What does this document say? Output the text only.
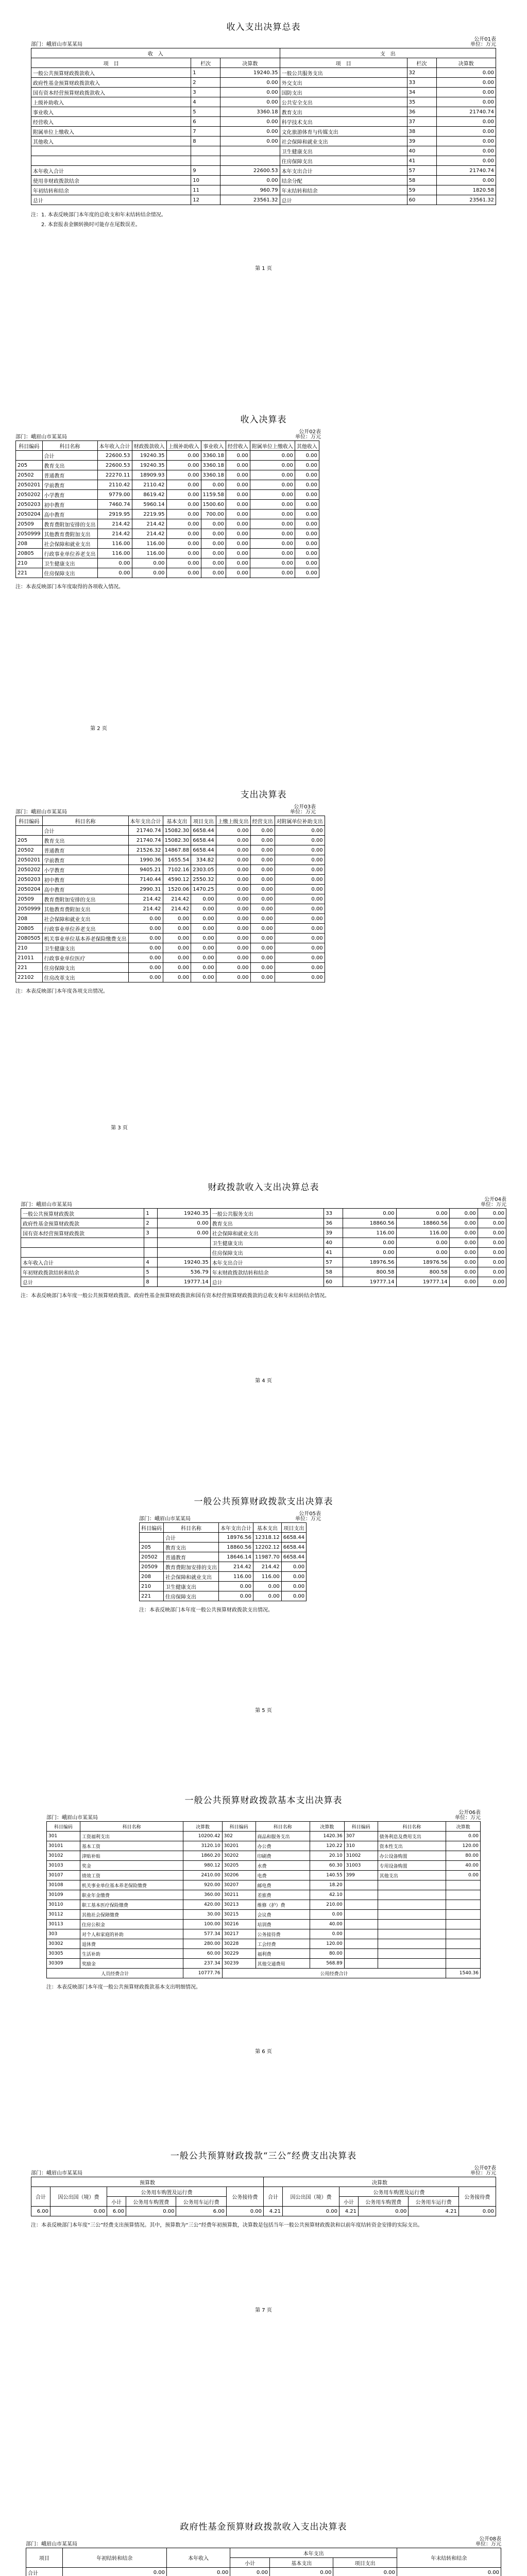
收入支出决算总表
部门：峨眉山市某某局
公开01表
单位：万元
收　入			支　出		
项　目	栏次	决算数	项　目	栏次	决算数
一般公共预算财政拨款收入	1	19240.35	一般公共服务支出	32	0.00
政府性基金预算财政拨款收入	2	0.00	外交支出	33	0.00
国有资本经营预算财政拨款收入	3	0.00	国防支出	34	0.00
上级补助收入	4	0.00	公共安全支出	35	0.00
事业收入	5	3360.18	教育支出	36	21740.74
经营收入	6	0.00	科学技术支出	37	0.00
附属单位上缴收入	7	0.00	文化旅游体育与传媒支出	38	0.00
其他收入	8	0.00	社会保障和就业支出	39	0.00
			卫生健康支出	40	0.00
			住房保障支出	41	0.00
本年收入合计	9	22600.53	本年支出合计	57	21740.74
使用非财政拨款结余	10	0.00	结余分配	58	0.00
年初结转和结余	11	960.79	年末结转和结余	59	1820.58
总计	12	23561.32	总计	60	23561.32
注：1. 本表反映部门本年度的总收支和年末结转结余情况。
2. 本套报表金额转换时可能存在尾数误差。
第 1 页
收入决算表
部门：峨眉山市某某局
公开02表
单位：万元
科目编码	科目名称	本年收入合计	财政拨款收入	上级补助收入	事业收入	经营收入	附属单位上缴收入	其他收入
	合计	22600.53	19240.35	0.00	3360.18	0.00	0.00	0.00
205	教育支出	22600.53	19240.35	0.00	3360.18	0.00	0.00	0.00
20502	普通教育	22270.11	18909.93	0.00	3360.18	0.00	0.00	0.00
2050201	学前教育	2110.42	2110.42	0.00	0.00	0.00	0.00	0.00
2050202	小学教育	9779.00	8619.42	0.00	1159.58	0.00	0.00	0.00
2050203	初中教育	7460.74	5960.14	0.00	1500.60	0.00	0.00	0.00
2050204	高中教育	2919.95	2219.95	0.00	700.00	0.00	0.00	0.00
20509	教育费附加安排的支出	214.42	214.42	0.00	0.00	0.00	0.00	0.00
2050999	其他教育费附加支出	214.42	214.42	0.00	0.00	0.00	0.00	0.00
208	社会保障和就业支出	116.00	116.00	0.00	0.00	0.00	0.00	0.00
20805	行政事业单位养老支出	116.00	116.00	0.00	0.00	0.00	0.00	0.00
210	卫生健康支出	0.00	0.00	0.00	0.00	0.00	0.00	0.00
221	住房保障支出	0.00	0.00	0.00	0.00	0.00	0.00	0.00
注：本表反映部门本年度取得的各项收入情况。
第 2 页
支出决算表
部门：峨眉山市某某局
公开03表
单位：万元
科目编码	科目名称	本年支出合计	基本支出	项目支出	上缴上级支出	经营支出	对附属单位补助支出
	合计	21740.74	15082.30	6658.44	0.00	0.00	0.00
205	教育支出	21740.74	15082.30	6658.44	0.00	0.00	0.00
20502	普通教育	21526.32	14867.88	6658.44	0.00	0.00	0.00
2050201	学前教育	1990.36	1655.54	334.82	0.00	0.00	0.00
2050202	小学教育	9405.21	7102.16	2303.05	0.00	0.00	0.00
2050203	初中教育	7140.44	4590.12	2550.32	0.00	0.00	0.00
2050204	高中教育	2990.31	1520.06	1470.25	0.00	0.00	0.00
20509	教育费附加安排的支出	214.42	214.42	0.00	0.00	0.00	0.00
2050999	其他教育费附加支出	214.42	214.42	0.00	0.00	0.00	0.00
208	社会保障和就业支出	0.00	0.00	0.00	0.00	0.00	0.00
20805	行政事业单位养老支出	0.00	0.00	0.00	0.00	0.00	0.00
2080505	机关事业单位基本养老保险缴费支出	0.00	0.00	0.00	0.00	0.00	0.00
210	卫生健康支出	0.00	0.00	0.00	0.00	0.00	0.00
21011	行政事业单位医疗	0.00	0.00	0.00	0.00	0.00	0.00
221	住房保障支出	0.00	0.00	0.00	0.00	0.00	0.00
22102	住房改革支出	0.00	0.00	0.00	0.00	0.00	0.00
注：本表反映部门本年度各项支出情况。
第 3 页
财政拨款收入支出决算总表
部门：峨眉山市某某局
公开04表
单位：万元
一般公共预算财政拨款	1	19240.35	一般公共服务支出	33	0.00	0.00	0.00	0.00
政府性基金预算财政拨款	2	0.00	教育支出	36	18860.56	18860.56	0.00	0.00
国有资本经营预算财政拨款	3	0.00	社会保障和就业支出	39	116.00	116.00	0.00	0.00
			卫生健康支出	40	0.00	0.00	0.00	0.00
			住房保障支出	41	0.00	0.00	0.00	0.00
本年收入合计	4	19240.35	本年支出合计	57	18976.56	18976.56	0.00	0.00
年初财政拨款结转和结余	5	536.79	年末财政拨款结转和结余	58	800.58	800.58	0.00	0.00
总计	8	19777.14	总计	60	19777.14	19777.14	0.00	0.00
注：本表反映部门本年度一般公共预算财政拨款、政府性基金预算财政拨款和国有资本经营预算财政拨款的总收支和年末结转结余情况。
第 4 页
一般公共预算财政拨款支出决算表
部门：峨眉山市某某局
公开05表
单位：万元
科目编码	科目名称	本年支出合计	基本支出	项目支出
	合计	18976.56	12318.12	6658.44
205	教育支出	18860.56	12202.12	6658.44
20502	普通教育	18646.14	11987.70	6658.44
20509	教育费附加安排的支出	214.42	214.42	0.00
208	社会保障和就业支出	116.00	116.00	0.00
210	卫生健康支出	0.00	0.00	0.00
221	住房保障支出	0.00	0.00	0.00
注：本表反映部门本年度一般公共预算财政拨款支出情况。
第 5 页
一般公共预算财政拨款基本支出决算表
部门：峨眉山市某某局
公开06表
单位：万元
科目编码	科目名称	决算数	科目编码	科目名称	决算数	科目编码	科目名称	决算数
301	工资福利支出	10200.42	302	商品和服务支出	1420.36	307	债务利息及费用支出	0.00
30101	基本工资	3120.10	30201	办公费	120.22	310	资本性支出	120.00
30102	津贴补贴	1860.20	30202	印刷费	20.10	31002	办公设备购置	80.00
30103	奖金	980.12	30205	水费	60.30	31003	专用设备购置	40.00
30107	绩效工资	2410.00	30206	电费	140.55	399	其他支出	0.00
30108	机关事业单位基本养老保险缴费	920.00	30207	邮电费	18.20			
30109	职业年金缴费	360.00	30211	差旅费	42.10			
30110	职工基本医疗保险缴费	420.00	30213	维修（护）费	210.00			
30112	其他社会保障缴费	30.00	30215	会议费	0.00			
30113	住房公积金	100.00	30216	培训费	40.00			
303	对个人和家庭的补助	577.34	30217	公务接待费	0.00			
30302	退休费	280.00	30228	工会经费	120.00			
30305	生活补助	60.00	30229	福利费	80.00			
30309	奖励金	237.34	30239	其他交通费用	568.89			
人员经费合计		10777.76	公用经费合计					1540.36
注：本表反映部门本年度一般公共预算财政拨款基本支出明细情况。
第 6 页
一般公共预算财政拨款“三公”经费支出决算表
部门：峨眉山市某某局
公开07表
单位：万元
预算数						决算数					
合计	因公出国（境）费	公务用车购置及运行费			公务接待费	合计	因公出国（境）费	公务用车购置及运行费			公务接待费
		小计	公务用车购置费	公务用车运行费				小计	公务用车购置费	公务用车运行费	
6.00	0.00	6.00	0.00	6.00	0.00	4.21	0.00	4.21	0.00	4.21	0.00
注：本表反映部门本年度“三公”经费支出预算情况。其中，预算数为“三公”经费年初预算数，决算数是包括当年一般公共预算财政拨款和以前年度结转资金安排的实际支出。
第 7 页
政府性基金预算财政拨款收入支出决算表
部门：峨眉山市某某局
公开08表
单位：万元
项目	年初结转和结余	本年收入	本年支出			年末结转和结余
			小计	基本支出	项目支出	
合计	0.00	0.00	0.00	0.00	0.00	0.00
